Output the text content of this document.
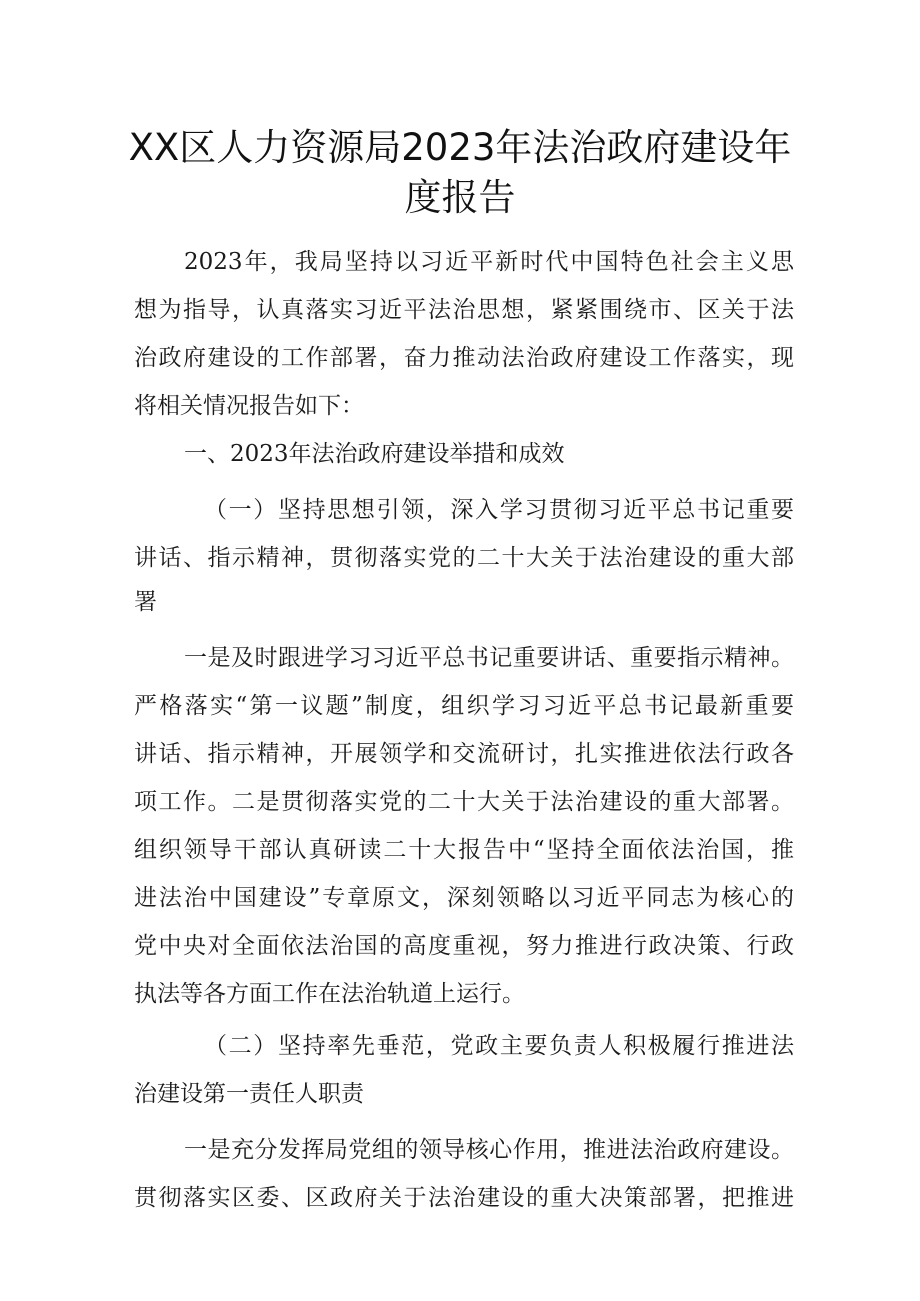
XX区人力资源局2023年法治政府建设年
度报告
2023年，我局坚持以习近平新时代中国特色社会主义思
想为指导，认真落实习近平法治思想，紧紧围绕市、区关于法
治政府建设的工作部署，奋力推动法治政府建设工作落实，现
将相关情况报告如下：
一、2023年法治政府建设举措和成效
（一）坚持思想引领，深入学习贯彻习近平总书记重要
讲话、指示精神，贯彻落实党的二十大关于法治建设的重大部
署
一是及时跟进学习习近平总书记重要讲话、重要指示精神。
严格落实“第一议题”制度，组织学习习近平总书记最新重要
讲话、指示精神，开展领学和交流研讨，扎实推进依法行政各
项工作。二是贯彻落实党的二十大关于法治建设的重大部署。
组织领导干部认真研读二十大报告中“坚持全面依法治国，推
进法治中国建设”专章原文，深刻领略以习近平同志为核心的
党中央对全面依法治国的高度重视，努力推进行政决策、行政
执法等各方面工作在法治轨道上运行。
（二）坚持率先垂范，党政主要负责人积极履行推进法
治建设第一责任人职责
一是充分发挥局党组的领导核心作用，推进法治政府建设。
贯彻落实区委、区政府关于法治建设的重大决策部署，把推进
